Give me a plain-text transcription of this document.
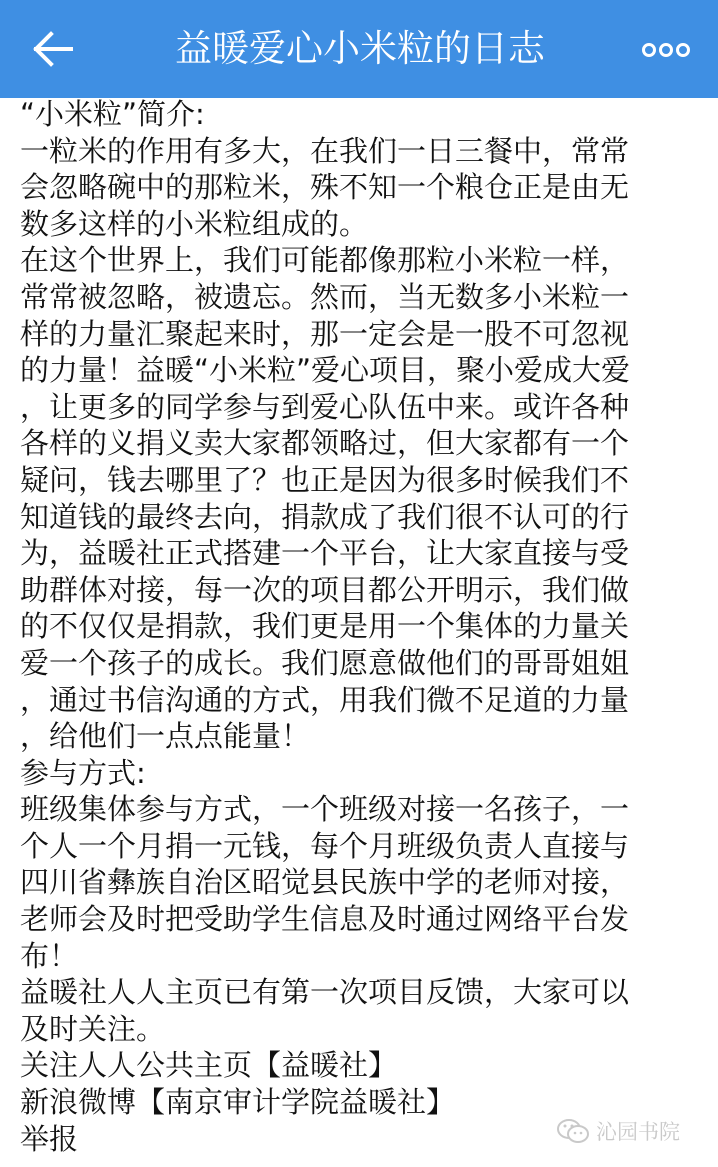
益暖爱心小米粒的日志

“小米粒”简介:

一粒米的作用有多大，在我们一日三餐中，常常

会忽略碗中的那粒米，殊不知一个粮仓正是由无

数多这样的小米粒组成的。

在这个世界上，我们可能都像那粒小米粒一样，

常常被忽略，被遗忘。然而，当无数多小米粒一

样的力量汇聚起来时，那一定会是一股不可忽视

的力量！益暖“小米粒”爱心项目，聚小爱成大爱

，让更多的同学参与到爱心队伍中来。或许各种

各样的义捐义卖大家都领略过，但大家都有一个

疑问，钱去哪里了？也正是因为很多时候我们不

知道钱的最终去向，捐款成了我们很不认可的行

为，益暖社正式搭建一个平台，让大家直接与受

助群体对接，每一次的项目都公开明示，我们做

的不仅仅是捐款，我们更是用一个集体的力量关

爱一个孩子的成长。我们愿意做他们的哥哥姐姐

，通过书信沟通的方式，用我们微不足道的力量

，给他们一点点能量！

参与方式:

班级集体参与方式，一个班级对接一名孩子，一

个人一个月捐一元钱，每个月班级负责人直接与

四川省彝族自治区昭觉县民族中学的老师对接，

老师会及时把受助学生信息及时通过网络平台发

布！

益暖社人人主页已有第一次项目反馈，大家可以

及时关注。

关注人人公共主页【益暖社】

新浪微博【南京审计学院益暖社】

举报	沁园书院
